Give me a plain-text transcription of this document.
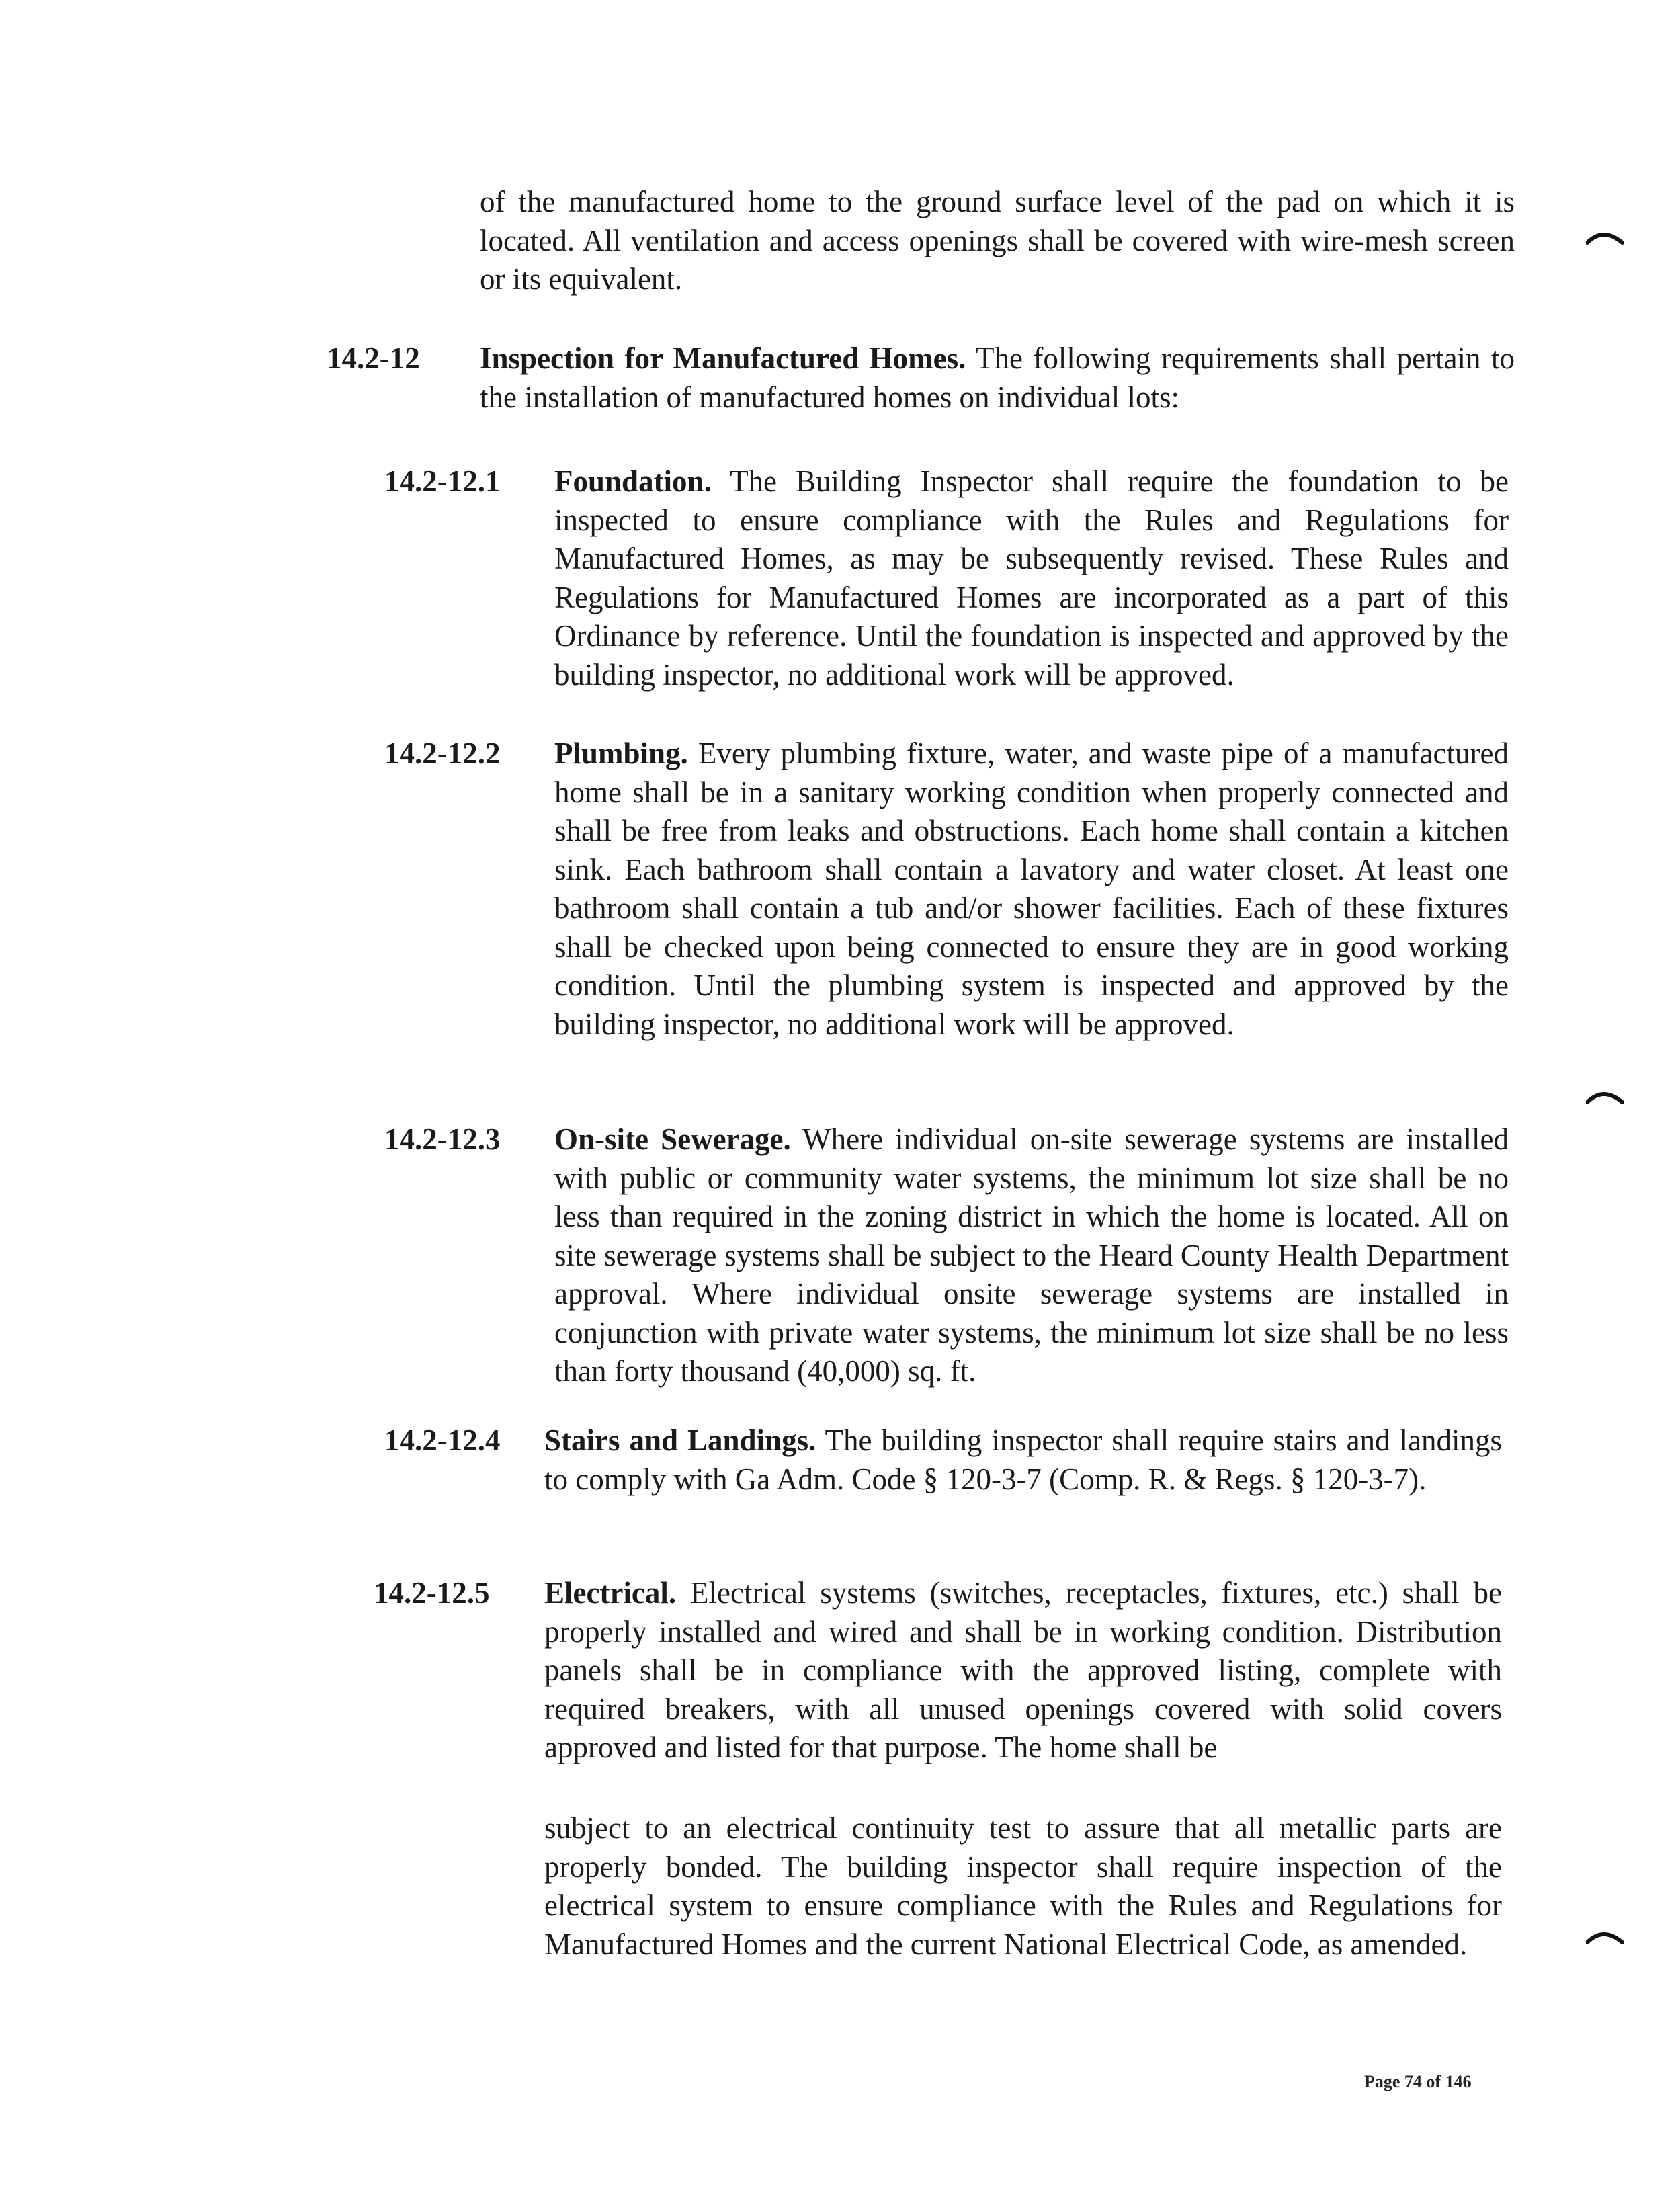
of the manufactured home to the ground surface level of the pad on which it is located. All ventilation and access openings shall be covered with wire-mesh screen or its equivalent.

14.2-12 Inspection for Manufactured Homes. The following requirements shall pertain to the installation of manufactured homes on individual lots:

14.2-12.1 Foundation. The Building Inspector shall require the foundation to be inspected to ensure compliance with the Rules and Regulations for Manufactured Homes, as may be subsequently revised. These Rules and Regulations for Manufactured Homes are incorporated as a part of this Ordinance by reference. Until the foundation is inspected and approved by the building inspector, no additional work will be approved.

14.2-12.2 Plumbing. Every plumbing fixture, water, and waste pipe of a manufactured home shall be in a sanitary working condition when properly connected and shall be free from leaks and obstructions. Each home shall contain a kitchen sink. Each bathroom shall contain a lavatory and water closet. At least one bathroom shall contain a tub and/or shower facilities. Each of these fixtures shall be checked upon being connected to ensure they are in good working condition. Until the plumbing system is inspected and approved by the building inspector, no additional work will be approved.

14.2-12.3 On-site Sewerage. Where individual on-site sewerage systems are installed with public or community water systems, the minimum lot size shall be no less than required in the zoning district in which the home is located. All on site sewerage systems shall be subject to the Heard County Health Department approval. Where individual onsite sewerage systems are installed in conjunction with private water systems, the minimum lot size shall be no less than forty thousand (40,000) sq. ft.

14.2-12.4 Stairs and Landings. The building inspector shall require stairs and landings to comply with Ga Adm. Code § 120-3-7 (Comp. R. & Regs. § 120-3-7).

14.2-12.5 Electrical. Electrical systems (switches, receptacles, fixtures, etc.) shall be properly installed and wired and shall be in working condition. Distribution panels shall be in compliance with the approved listing, complete with required breakers, with all unused openings covered with solid covers approved and listed for that purpose. The home shall be

subject to an electrical continuity test to assure that all metallic parts are properly bonded. The building inspector shall require inspection of the electrical system to ensure compliance with the Rules and Regulations for Manufactured Homes and the current National Electrical Code, as amended.

Page 74 of 146
